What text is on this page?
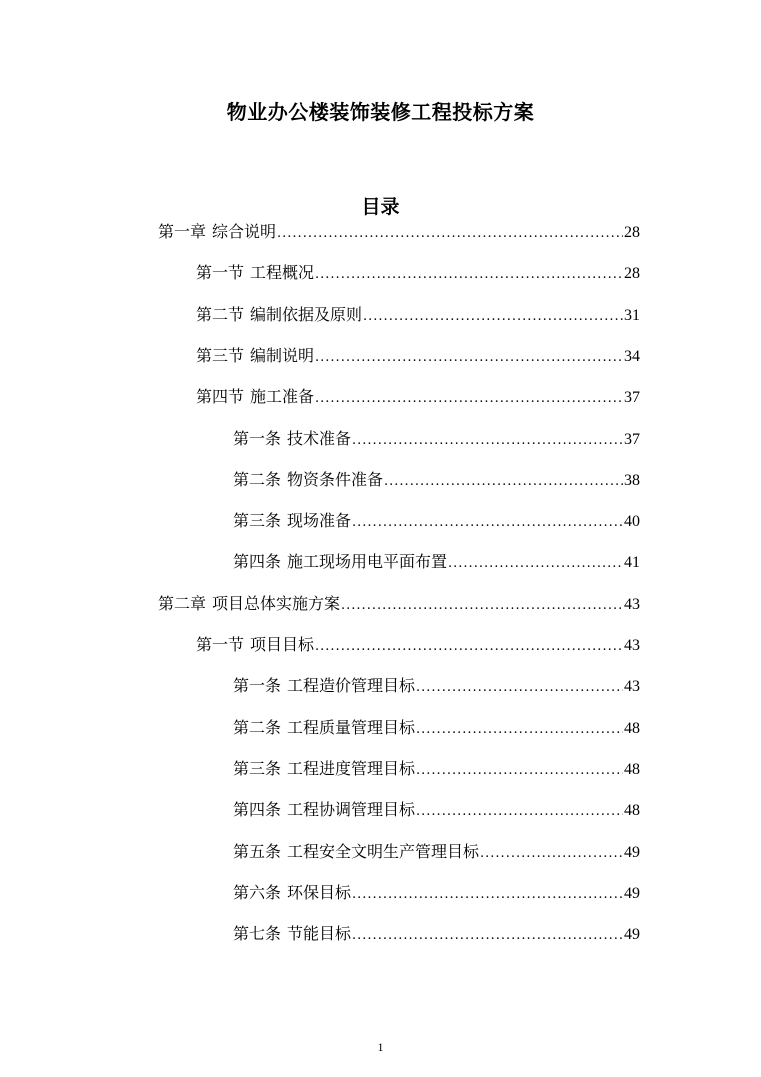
物业办公楼装饰装修工程投标方案
目录
第一章 综合说明 .....	28
第一节 工程概况 .....	28
第二节 编制依据及原则 .....	31
第三节 编制说明 .....	34
第四节 施工准备 .....	37
第一条 技术准备 .....	37
第二条 物资条件准备 .....	38
第三条 现场准备 .....	40
第四条 施工现场用电平面布置 .....	41
第二章 项目总体实施方案 .....	43
第一节 项目目标 .....	43
第一条 工程造价管理目标 .....	43
第二条 工程质量管理目标 .....	48
第三条 工程进度管理目标 .....	48
第四条 工程协调管理目标 .....	48
第五条 工程安全文明生产管理目标 .....	49
第六条 环保目标 .....	49
第七条 节能目标 .....	49
1
